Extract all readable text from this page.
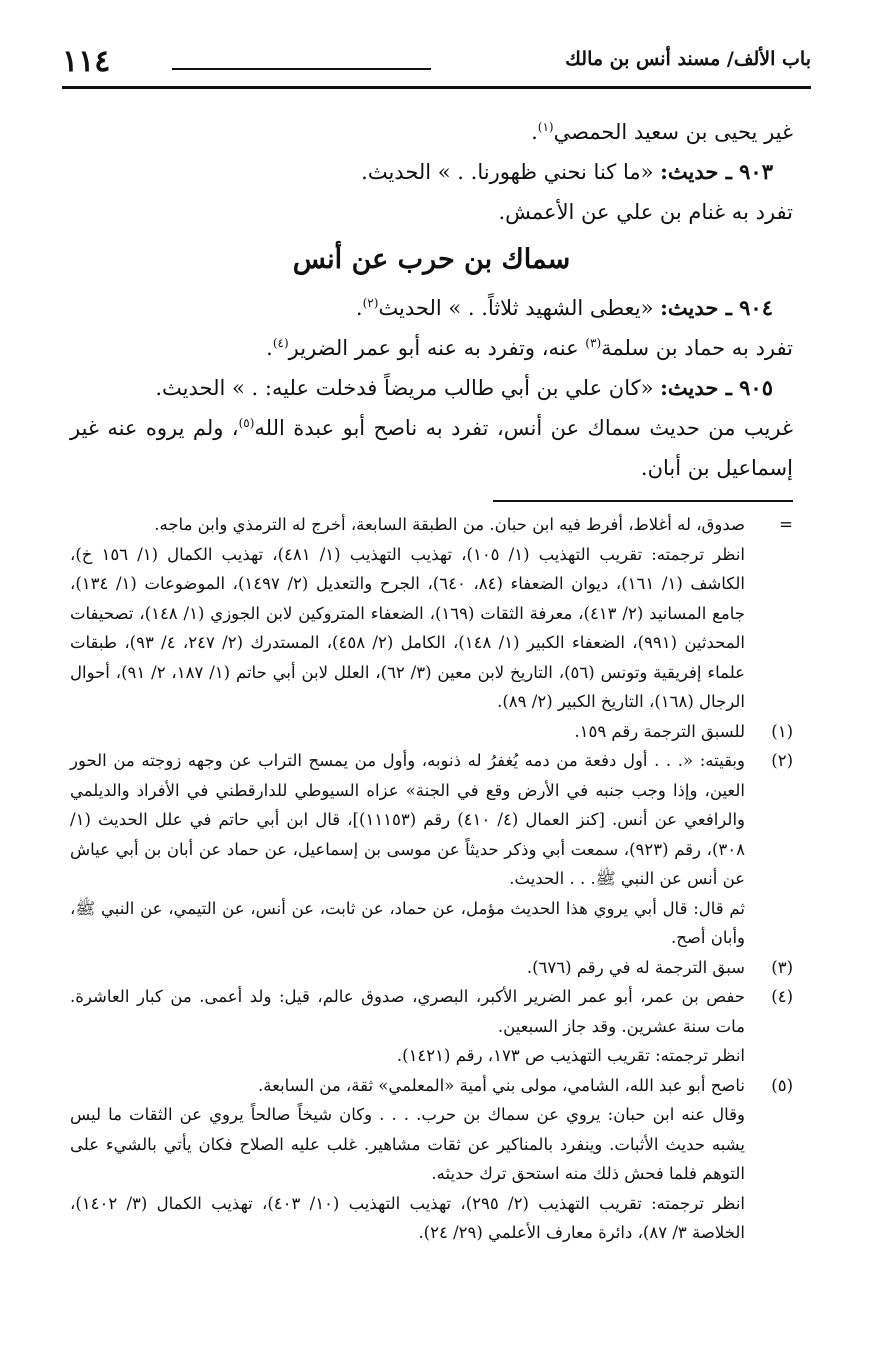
١١٤	باب الألف/ مسند أنس بن مالك

غير يحيى بن سعيد الحمصي$^{(١)}$.

٩٠٣ ـ حديث: «ما كنا نحني ظهورنا. . » الحديث.

تفرد به غنام بن علي عن الأعمش.

سماك بن حرب عن أنس

٩٠٤ ـ حديث: «يعطى الشهيد ثلاثاً. . » الحديث$^{(٢)}$.

تفرد به حماد بن سلمة$^{(٣)}$ عنه، وتفرد به عنه أبو عمر الضرير$^{(٤)}$.

٩٠٥ ـ حديث: «كان علي بن أبي طالب مريضاً فدخلت عليه: . » الحديث.

غريب من حديث سماك عن أنس، تفرد به ناصح أبو عبدة الله$^{(٥)}$، ولم يروه عنه غير إسماعيل بن أبان.

=

صدوق، له أغلاط، أفرط فيه ابن حبان. من الطبقة السابعة، أخرج له الترمذي وابن ماجه.

انظر ترجمته: تقريب التهذيب (١/ ١٠٥)، تهذيب التهذيب (١/ ٤٨١)، تهذيب الكمال (١/ ١٥٦ خ)، الكاشف (١/ ١٦١)، ديوان الضعفاء (٨٤، ٦٤٠)، الجرح والتعديل (٢/ ١٤٩٧)، الموضوعات (١/ ١٣٤)، جامع المسانيد (٢/ ٤١٣)، معرفة الثقات (١٦٩)، الضعفاء المتروكين لابن الجوزي (١/ ١٤٨)، تصحيفات المحدثين (٩٩١)، الضعفاء الكبير (١/ ١٤٨)، الكامل (٢/ ٤٥٨)، المستدرك (٢/ ٢٤٧، ٤/ ٩٣)، طبقات علماء إفريقية وتونس (٥٦)، التاريخ لابن معين (٣/ ٦٢)، العلل لابن أبي حاتم (١/ ١٨٧، ٢/ ٩١)، أحوال الرجال (١٦٨)، التاريخ الكبير (٢/ ٨٩).

(١)

للسبق الترجمة رقم ١٥٩.

(٢)

وبقيته: «. . . أول دفعة من دمه يُغفرُ له ذنوبه، وأول من يمسح التراب عن وجهه زوجته من الحور العين، وإذا وجب جنبه في الأرض وقع في الجنة» عزاه السيوطي للدارقطني في الأفراد والديلمي والرافعي عن أنس. [كنز العمال (٤/ ٤١٠) رقم (١١١٥٣)]، قال ابن أبي حاتم في علل الحديث (١/ ٣٠٨)، رقم (٩٢٣)، سمعت أبي وذكر حديثاً عن موسى بن إسماعيل، عن حماد عن أبان بن أبي عياش عن أنس عن النبي ﷺ. . . الحديث.

ثم قال: قال أبي يروي هذا الحديث مؤمل، عن حماد، عن ثابت، عن أنس، عن التيمي، عن النبي ﷺ، وأبان أصح.

(٣)

سبق الترجمة له في رقم (٦٧٦).

(٤)

حفص بن عمر، أبو عمر الضرير الأكبر، البصري، صدوق عالم، قيل: ولد أعمى. من كبار العاشرة. مات سنة عشرين. وقد جاز السبعين.

انظر ترجمته: تقريب التهذيب ص ١٧٣، رقم (١٤٢١).

(٥)

ناصح أبو عبد الله، الشامي، مولى بني أمية «المعلمي» ثقة، من السابعة.

وقال عنه ابن حبان: يروي عن سماك بن حرب. . . . وكان شيخاً صالحاً يروي عن الثقات ما ليس يشبه حديث الأثبات. وينفرد بالمناكير عن ثقات مشاهير. غلب عليه الصلاح فكان يأتي بالشيء على التوهم فلما فحش ذلك منه استحق ترك حديثه.

انظر ترجمته: تقريب التهذيب (٢/ ٢٩٥)، تهذيب التهذيب (١٠/ ٤٠٣)، تهذيب الكمال (٣/ ١٤٠٢)، الخلاصة ٣/ ٨٧)، دائرة معارف الأعلمي (٢٩/ ٢٤).
